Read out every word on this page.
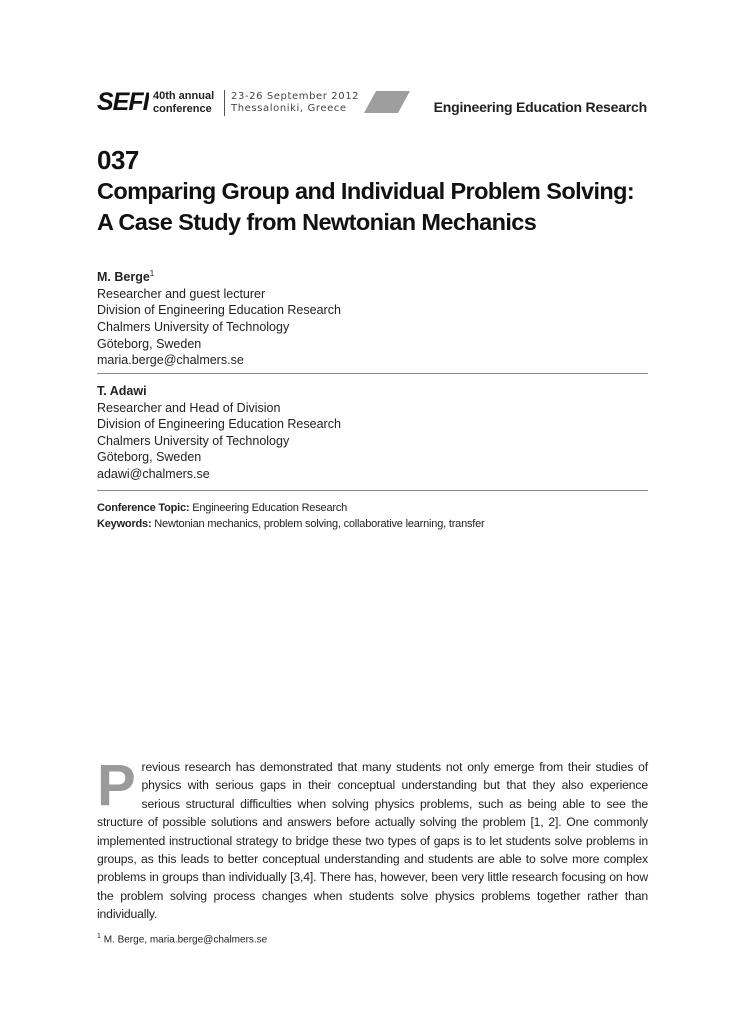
SEFI 40th annual
conference
23-26 September 2012
Thessaloniki, Greece	Engineering Education Research
037
Comparing Group and Individual Problem Solving:
A Case Study from Newtonian Mechanics
M. Berge$^1$
Researcher and guest lecturer
Division of Engineering Education Research
Chalmers University of Technology
Göteborg, Sweden
maria.berge@chalmers.se
T. Adawi
Researcher and Head of Division
Division of Engineering Education Research
Chalmers University of Technology
Göteborg, Sweden
adawi@chalmers.se
Conference Topic: Engineering Education Research
Keywords: Newtonian mechanics, problem solving, collaborative learning, transfer
Previous research has demonstrated that many students not only emerge from their studies of physics with serious gaps in their conceptual understanding but that they also experience serious structural difficulties when solving physics problems, such as being able to see the structure of possible solutions and answers before actually solving the problem [1, 2]. One commonly implemented instructional strategy to bridge these two types of gaps is to let students solve problems in groups, as this leads to better conceptual understanding and students are able to solve more complex problems in groups than individually [3,4]. There has, however, been very little research focusing on how the problem solving process changes when students solve physics problems together rather than individually.
$^1$ M. Berge, maria.berge@chalmers.se
